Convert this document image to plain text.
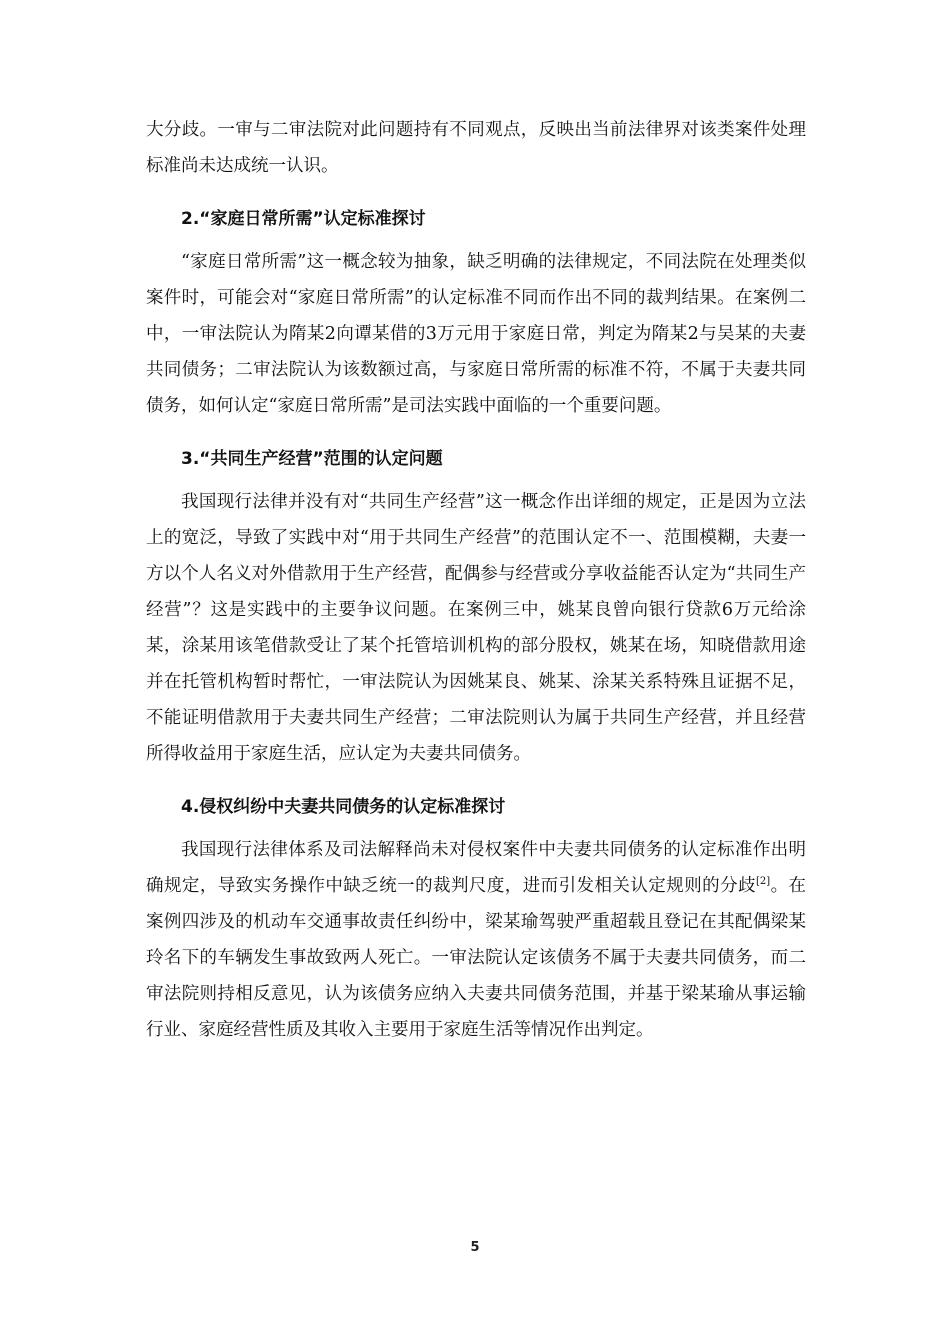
大分歧。一审与二审法院对此问题持有不同观点，反映出当前法律界对该类案件处理标准尚未达成统一认识。

2.“家庭日常所需”认定标准探讨

“家庭日常所需”这一概念较为抽象，缺乏明确的法律规定，不同法院在处理类似案件时，可能会对“家庭日常所需”的认定标准不同而作出不同的裁判结果。在案例二中，一审法院认为隋某2向谭某借的3万元用于家庭日常，判定为隋某2与吴某的夫妻共同债务；二审法院认为该数额过高，与家庭日常所需的标准不符，不属于夫妻共同债务，如何认定“家庭日常所需”是司法实践中面临的一个重要问题。

3.“共同生产经营”范围的认定问题

我国现行法律并没有对“共同生产经营”这一概念作出详细的规定，正是因为立法上的宽泛，导致了实践中对“用于共同生产经营”的范围认定不一、范围模糊，夫妻一方以个人名义对外借款用于生产经营，配偶参与经营或分享收益能否认定为“共同生产经营”？这是实践中的主要争议问题。在案例三中，姚某良曾向银行贷款6万元给涂某，涂某用该笔借款受让了某个托管培训机构的部分股权，姚某在场，知晓借款用途并在托管机构暂时帮忙，一审法院认为因姚某良、姚某、涂某关系特殊且证据不足，不能证明借款用于夫妻共同生产经营；二审法院则认为属于共同生产经营，并且经营所得收益用于家庭生活，应认定为夫妻共同债务。

4.侵权纠纷中夫妻共同债务的认定标准探讨

我国现行法律体系及司法解释尚未对侵权案件中夫妻共同债务的认定标准作出明确规定，导致实务操作中缺乏统一的裁判尺度，进而引发相关认定规则的分歧[2]。在案例四涉及的机动车交通事故责任纠纷中，梁某瑜驾驶严重超载且登记在其配偶梁某玲名下的车辆发生事故致两人死亡。一审法院认定该债务不属于夫妻共同债务，而二审法院则持相反意见，认为该债务应纳入夫妻共同债务范围，并基于梁某瑜从事运输行业、家庭经营性质及其收入主要用于家庭生活等情况作出判定。

5
